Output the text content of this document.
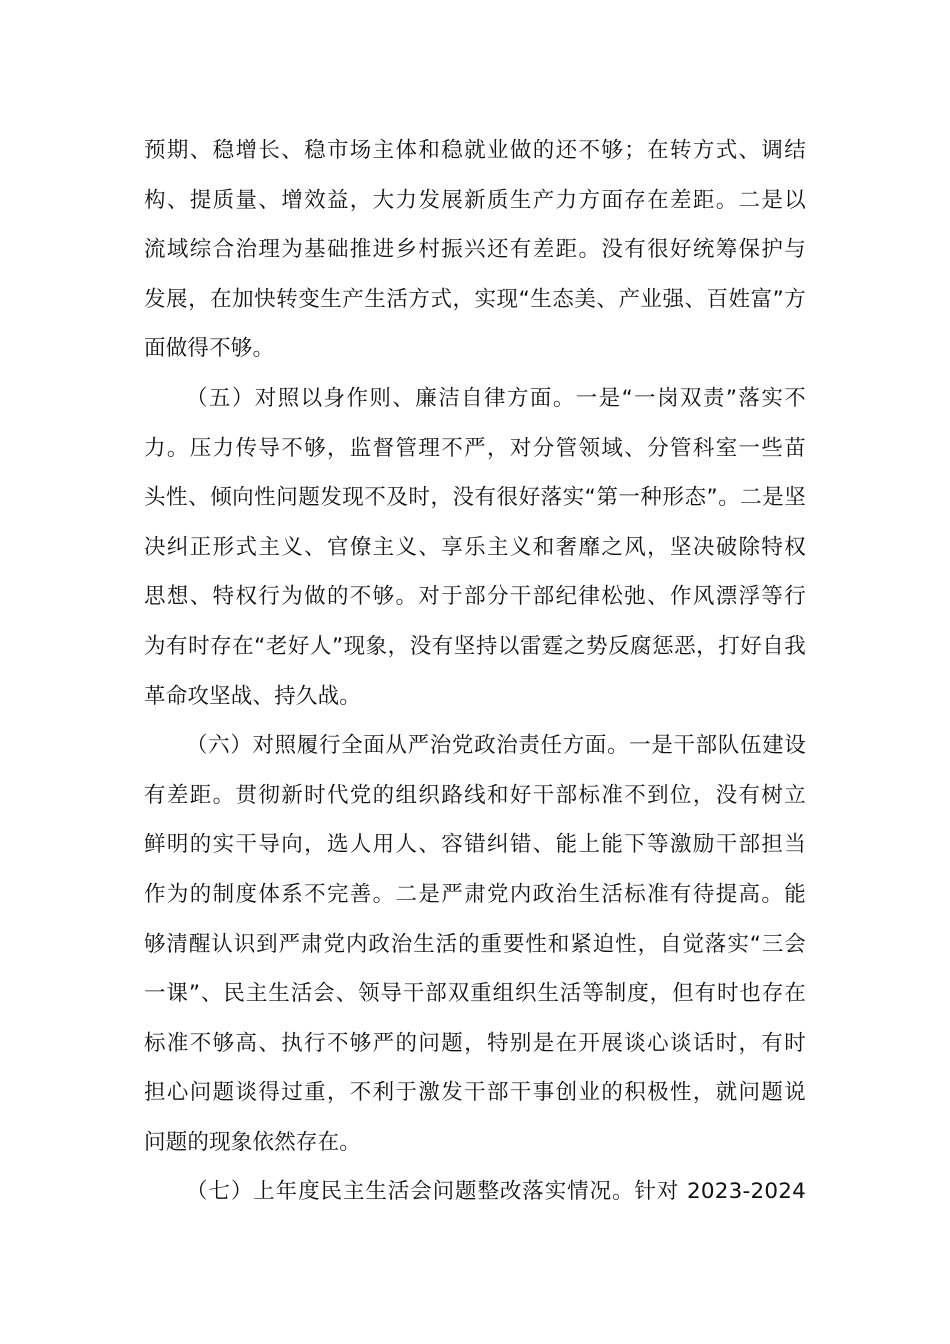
预期、稳增长、稳市场主体和稳就业做的还不够；在转方式、调结
构、提质量、增效益，大力发展新质生产力方面存在差距。二是以
流域综合治理为基础推进乡村振兴还有差距。没有很好统筹保护与
发展，在加快转变生产生活方式，实现“生态美、产业强、百姓富”方
面做得不够。

（五）对照以身作则、廉洁自律方面。一是“一岗双责”落实不
力。压力传导不够，监督管理不严，对分管领域、分管科室一些苗
头性、倾向性问题发现不及时，没有很好落实“第一种形态”。二是坚
决纠正形式主义、官僚主义、享乐主义和奢靡之风，坚决破除特权
思想、特权行为做的不够。对于部分干部纪律松弛、作风漂浮等行
为有时存在“老好人”现象，没有坚持以雷霆之势反腐惩恶，打好自我
革命攻坚战、持久战。

（六）对照履行全面从严治党政治责任方面。一是干部队伍建设
有差距。贯彻新时代党的组织路线和好干部标准不到位，没有树立
鲜明的实干导向，选人用人、容错纠错、能上能下等激励干部担当
作为的制度体系不完善。二是严肃党内政治生活标准有待提高。能
够清醒认识到严肃党内政治生活的重要性和紧迫性，自觉落实“三会
一课”、民主生活会、领导干部双重组织生活等制度，但有时也存在
标准不够高、执行不够严的问题，特别是在开展谈心谈话时，有时
担心问题谈得过重，不利于激发干部干事创业的积极性，就问题说
问题的现象依然存在。

（七）上年度民主生活会问题整改落实情况。针对 2023-2024
